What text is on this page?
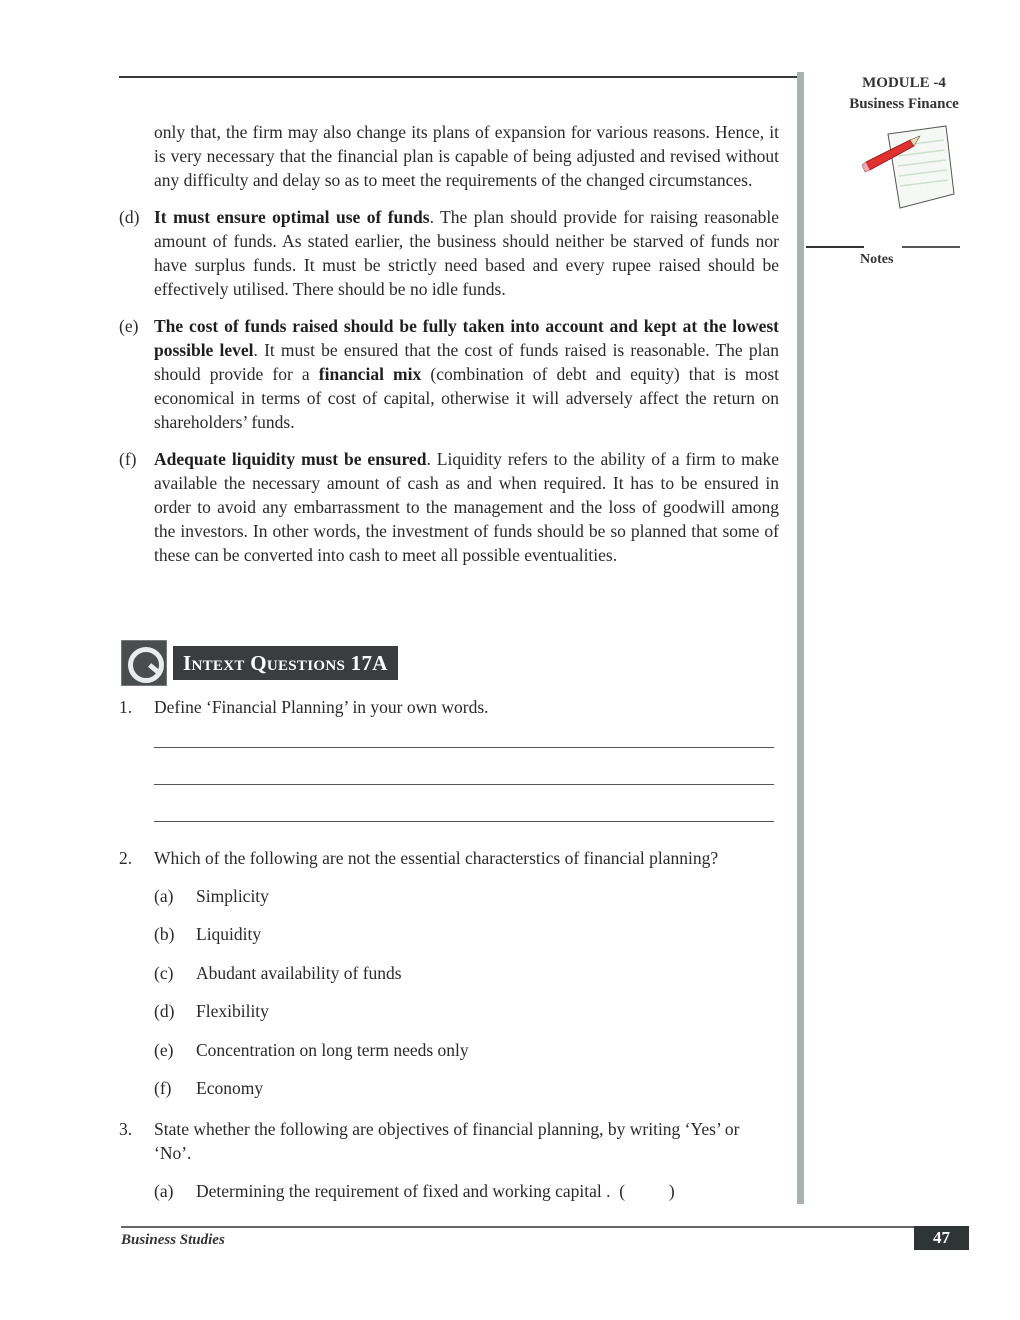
MODULE -4
Business Finance
Notes

only that, the firm may also change its plans of expansion for various reasons. Hence, it is very necessary that the financial plan is capable of being adjusted and revised without any difficulty and delay so as to meet the requirements of the changed circumstances.

(d) It must ensure optimal use of funds. The plan should provide for raising reasonable amount of funds. As stated earlier, the business should neither be starved of funds nor have surplus funds. It must be strictly need based and every rupee raised should be effectively utilised. There should be no idle funds.
(e) The cost of funds raised should be fully taken into account and kept at the lowest possible level. It must be ensured that the cost of funds raised is reasonable. The plan should provide for a financial mix (combination of debt and equity) that is most economical in terms of cost of capital, otherwise it will adversely affect the return on shareholders’ funds.
(f)	Adequate liquidity must be ensured. Liquidity refers to the ability of a firm to make available the necessary amount of cash as and when required. It has to be ensured in order to avoid any embarrassment to the management and the loss of goodwill among the investors. In other words, the investment of funds should be so planned that some of these can be converted into cash to meet all possible eventualities.
Intext Questions 17A
1.	Define ‘Financial Planning’ in your own words.
2.	Which of the following are not the essential characterstics of financial planning?
(a)	Simplicity
(b)	Liquidity
(c)	Abudant availability of funds
(d)	Flexibility
(e)	Concentration on long term needs only
(f)	Economy
3.	State whether the following are objectives of financial planning, by writing ‘Yes’ or ‘No’.
(a)	Determining the requirement of fixed and working capital .  (          )
Business Studies	47
